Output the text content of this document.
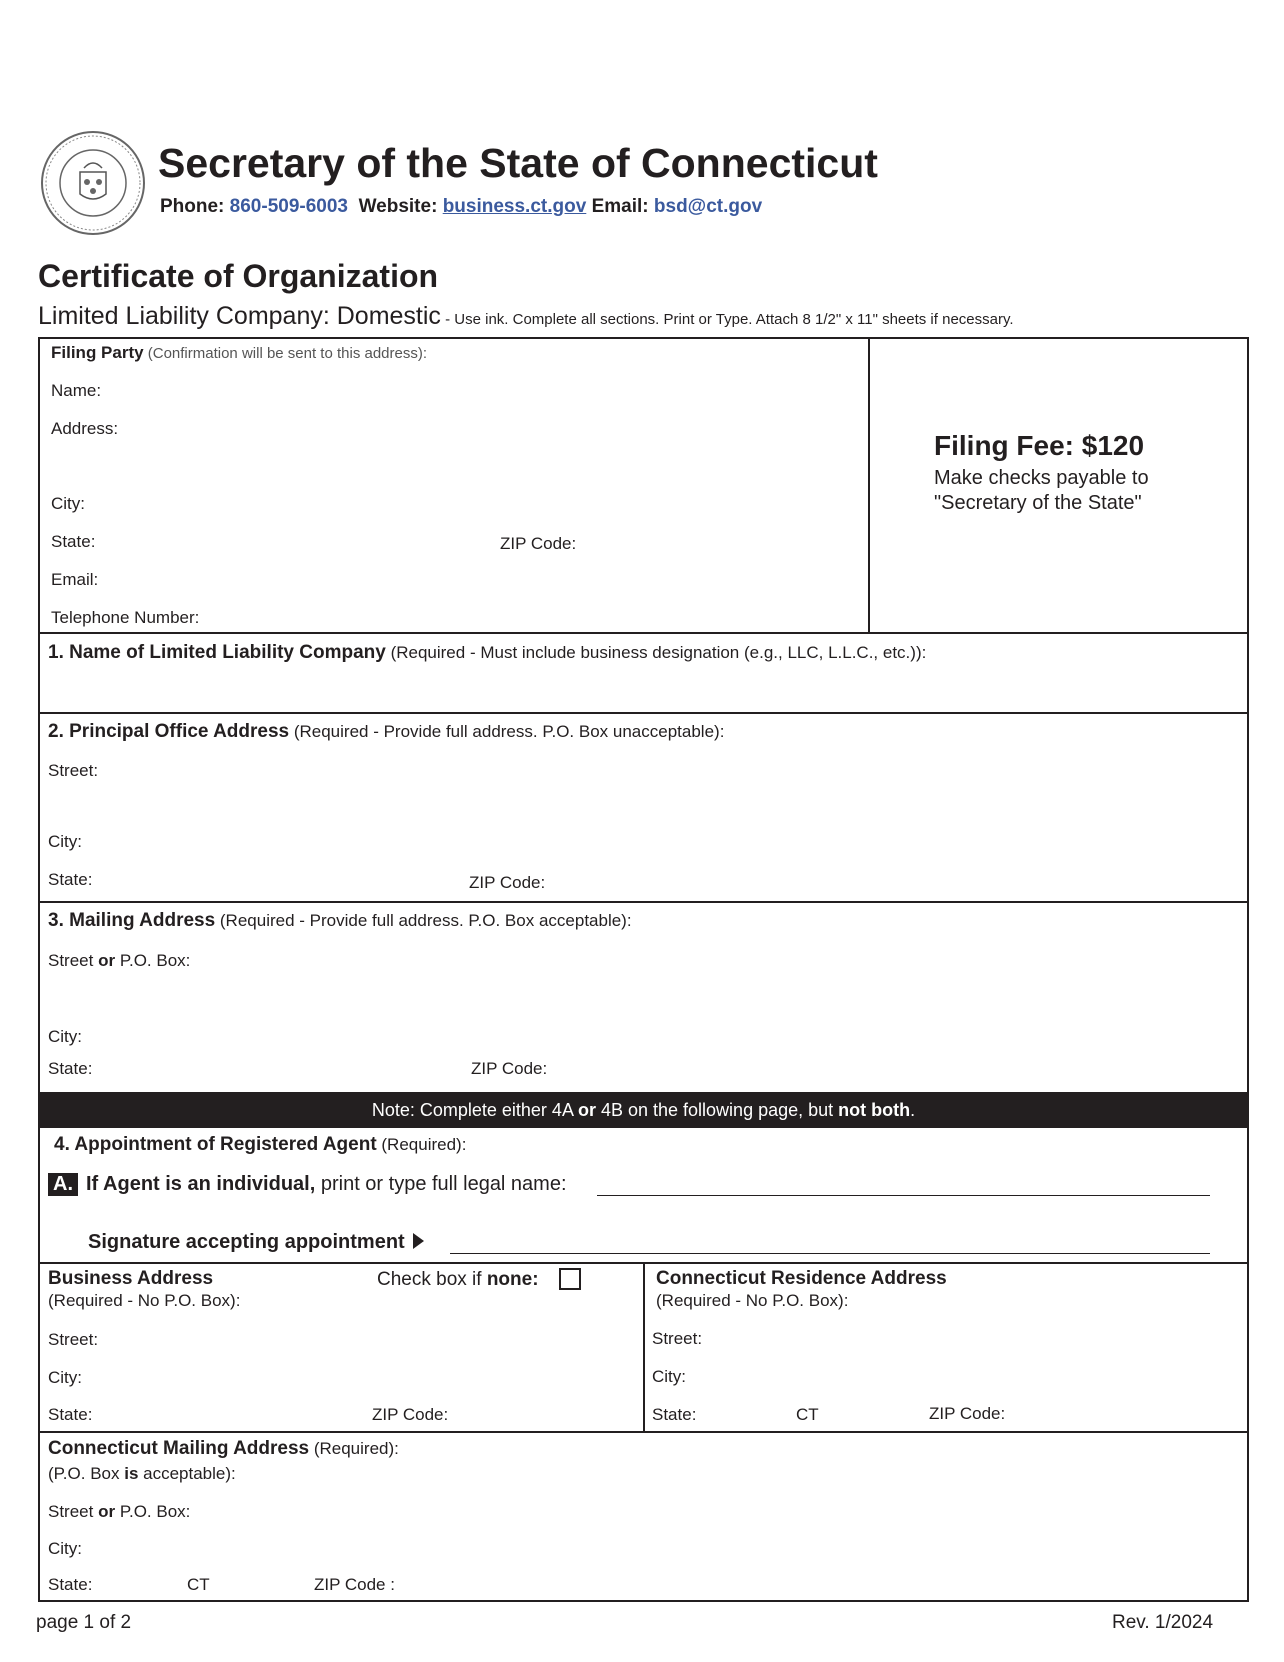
Secretary of the State of Connecticut
Phone: 860-509-6003 Website: business.ct.gov Email: bsd@ct.gov
Certificate of Organization
Limited Liability Company: Domestic - Use ink. Complete all sections. Print or Type. Attach 8 1/2" x 11" sheets if necessary.
Filing Party (Confirmation will be sent to this address):
Name:
Address:
City:
State:	ZIP Code:
Email:
Telephone Number:
Filing Fee: $120
Make checks payable to
"Secretary of the State"
1. Name of Limited Liability Company (Required - Must include business designation (e.g., LLC, L.L.C., etc.)):
2. Principal Office Address (Required - Provide full address. P.O. Box unacceptable):
Street:
City:
State:	ZIP Code:
3. Mailing Address (Required - Provide full address. P.O. Box acceptable):
Street or P.O. Box:
City:
State:	ZIP Code:
Note: Complete either 4A or 4B on the following page, but not both.
4. Appointment of Registered Agent (Required):
A. If Agent is an individual, print or type full legal name:
Signature accepting appointment
Business Address
(Required - No P.O. Box):
Check box if none:
Street:
City:
State:	ZIP Code:
Connecticut Residence Address
(Required - No P.O. Box):
Street:
City:
State:	CT	ZIP Code:
Connecticut Mailing Address (Required):
(P.O. Box is acceptable):
Street or P.O. Box:
City:
State:	CT	ZIP Code :
page 1 of 2	Rev. 1/2024
